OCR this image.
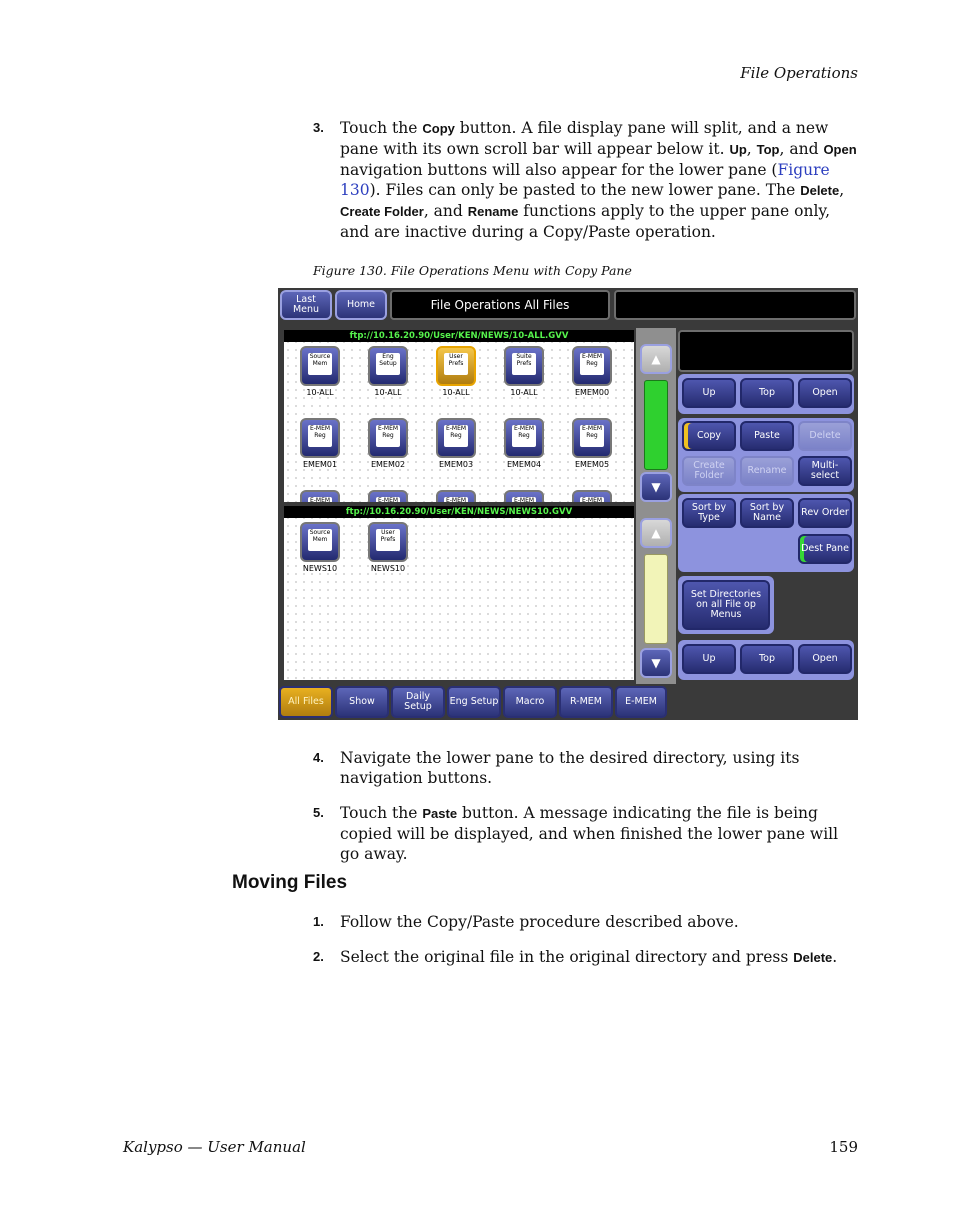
File Operations
3. Touch the Copy button. A file display pane will split, and a new pane with its own scroll bar will appear below it. Up, Top, and Open navigation buttons will also appear for the lower pane (Figure 130). Files can only be pasted to the new lower pane. The Delete, Create Folder, and Rename functions apply to the upper pane only, and are inactive during a Copy/Paste operation.
Figure 130. File Operations Menu with Copy Pane
Last Menu	Home	File Operations All Files
ftp://10.16.20.90/User/KEN/NEWS/10-ALL.GVV
Source Mem
10-ALL
Eng Setup
10-ALL
User Prefs
10-ALL
Suite Prefs
10-ALL
E-MEM Reg
EMEM00
E-MEM Reg
EMEM01
E-MEM Reg
EMEM02
E-MEM Reg
EMEM03
E-MEM Reg
EMEM04
E-MEM Reg
EMEM05
E-MEM	E-MEM	E-MEM	E-MEM	E-MEM
ftp://10.16.20.90/User/KEN/NEWS/NEWS10.GVV
Source Mem
NEWS10
User Prefs
NEWS10
▲
▼
▲
▼
Up	Top	Open
Copy	Paste	Delete
Create Folder	Rename	Multi-select
Sort by Type
Sort by Name	Rev Order
Dest Pane
Set Directories on all File op Menus
Up	Top	Open
All Files	Show	Daily Setup	Eng Setup	Macro	R-MEM	E-MEM
4. Navigate the lower pane to the desired directory, using its navigation buttons.
5. Touch the Paste button. A message indicating the file is being copied will be displayed, and when finished the lower pane will go away.
Moving Files
1. Follow the Copy/Paste procedure described above.
2. Select the original file in the original directory and press Delete.
Kalypso — User Manual	159
